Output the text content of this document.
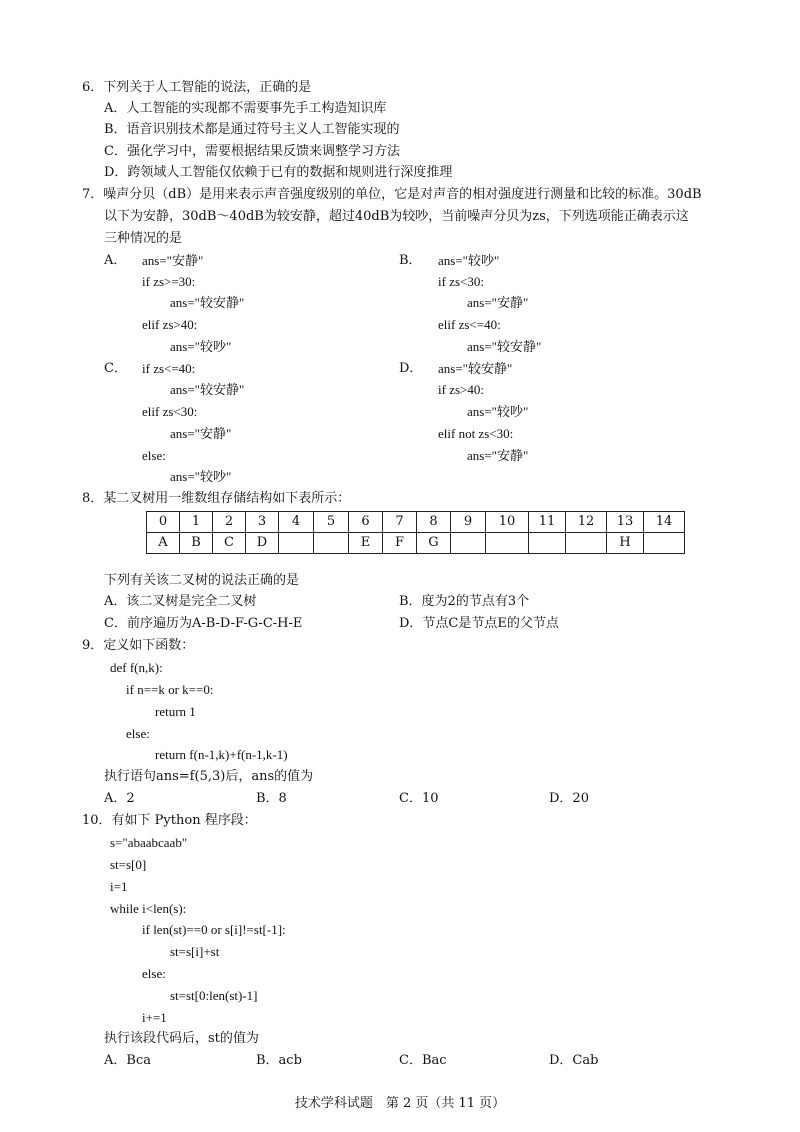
6．下列关于人工智能的说法，正确的是
A．人工智能的实现都不需要事先手工构造知识库
B．语音识别技术都是通过符号主义人工智能实现的
C．强化学习中，需要根据结果反馈来调整学习方法
D．跨领域人工智能仅依赖于已有的数据和规则进行深度推理
7．噪声分贝（dB）是用来表示声音强度级别的单位，它是对声音的相对强度进行测量和比较的标准。30dB
以下为安静，30dB～40dB为较安静，超过40dB为较吵，当前噪声分贝为zs，下列选项能正确表示这
三种情况的是
A． ans="安静"
if zs>=30:
ans="较安静"
elif zs>40:
ans="较吵"
B． ans="较吵"
if zs<30:
ans="安静"
elif zs<=40:
ans="较安静"
C． if zs<=40:
ans="较安静"
elif zs<30:
ans="安静"
else:
ans="较吵"
D． ans="较安静"
if zs>40:
ans="较吵"
elif not zs<30:
ans="安静"
8．某二叉树用一维数组存储结构如下表所示：
0	1	2	3	4	5	6	7	8	9	10	11	12	13	14
A	B	C	D			E	F	G					H	
下列有关该二叉树的说法正确的是
A．该二叉树是完全二叉树	B．度为2的节点有3个
C．前序遍历为A-B-D-F-G-C-H-E	D．节点C是节点E的父节点
9．定义如下函数：
def f(n,k):
if n==k or k==0:
return 1
else:
return f(n-1,k)+f(n-1,k-1)
执行语句ans=f(5,3)后，ans的值为
A．2	B．8	C．10	D．20
10．有如下 Python 程序段：
s="abaabcaab"
st=s[0]
i=1
while i<len(s):
if len(st)==0 or s[i]!=st[-1]:
st=s[i]+st
else:
st=st[0:len(st)-1]
i+=1
执行该段代码后，st的值为
A．Bca	B．acb	C．Bac	D．Cab
技术学科试题　第 2 页（共 11 页）
